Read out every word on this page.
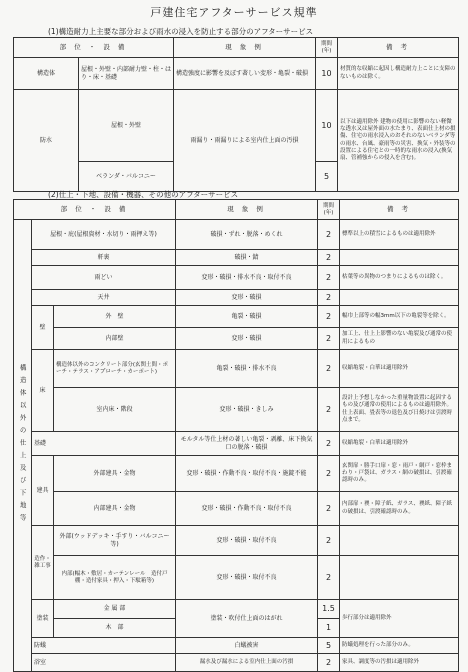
戸建住宅アフターサービス規準
(1)構造耐力上主要な部分および雨水の浸入を防止する部分のアフターサービス
部 位 ・ 設 備		現 象 例	期間(年)	備 考
構造体	屋根・外壁・内部耐力壁・柱・はり・床・基礎	構造強度に影響を及ぼす著しい変形・亀裂・破損	10	材質的な収縮に起因し構造耐力上ことに支障のないものは除く。
防水	屋根・外壁	雨漏り・雨漏りによる室内仕上面の汚損	10	以下は適用除外 建物の使用に影響のない軽微な透水又は屋外面の水たまり、表面仕上材の損傷、住宅の雨水浸入のおそれのないベランダ等の雨水、台風、豪雨等の災害、換気・外装等の設置による住宅との一時的な雨水の浸入(換気扇、管補強からの侵入を含む)。
	ベランダ・バルコニー		5	
(2)仕上・下地、設備・機器、その他のアフターサービス
部 位 ・ 設 備			現 象 例	期間(年)	備 考
構造体以外の仕上及び下地等	屋根・庇(屋根資材・水切り・雨押え等)		破損・ずれ・脱落・めくれ	2	標準以上の積雪によるものは適用除外
	軒裏		破損・錆	2	
	雨どい		変形・破損・排水不良・取付不良	2	枯葉等の異物のつまりによるものは除く。
	天井		変形・破損	2	
	壁	外　壁	亀裂・破損	2	幅巾上部等の幅3mm以下の亀裂等を除く。
		内部壁	変形・破損	2	加工上、仕上上影響のない亀裂及び通常の使用によるもの
	床	構造体以外のコンクリート部分(玄関土間・ポーチ・テラス・アプローチ・カーポート)	亀裂・破損・排水不良	2	収縮亀裂・白華は適用除外
		室内床・階段	変形・破損・きしみ	2	設計上予想しなかった重量物設置に起因するもの及び通常の使用によるものは適用除外。仕上表面、畳表等の退色及び日焼けは引渡時点まで。
	基礎		モルタル等仕上材の著しい亀裂・剥離、床下換気口の脱落・破損	2	収縮亀裂・白華は適用除外
	建具	外部建具・金物	変形・破損・作動不良・取付不良・施錠不能	2	玄関扉・勝手口扉・窓・雨戸・網戸・窓枠まわり・戸袋は、ガラス・網の破損は、引渡確認時のみ。
		内部建具・金物	変形・破損・作動不良・取付不良	2	内部扉・襖・障子紙、ガラス、襖紙、障子紙の破損は、引渡確認時のみ。
	造作・雑工事	外部(ウッドデッキ・手すり・バルコニー等)	変形・破損・取付不良	2	
		内部(幅木・敷居・カーテンレール　造付戸棚・造付家具・押入・下駄箱等)	変形・破損・取付不良	2	
	塗装	金 属 部	塗装・吹付仕上面のはがれ	1.5	歩行部分は適用除外
		木　部		1	
	防蟻		白蟻被害	5	防蟻処理を行った部分のみ。
	浴室		漏水及び漏水による室内仕上面の汚損	2	家具、調度等の汚損は適用除外
